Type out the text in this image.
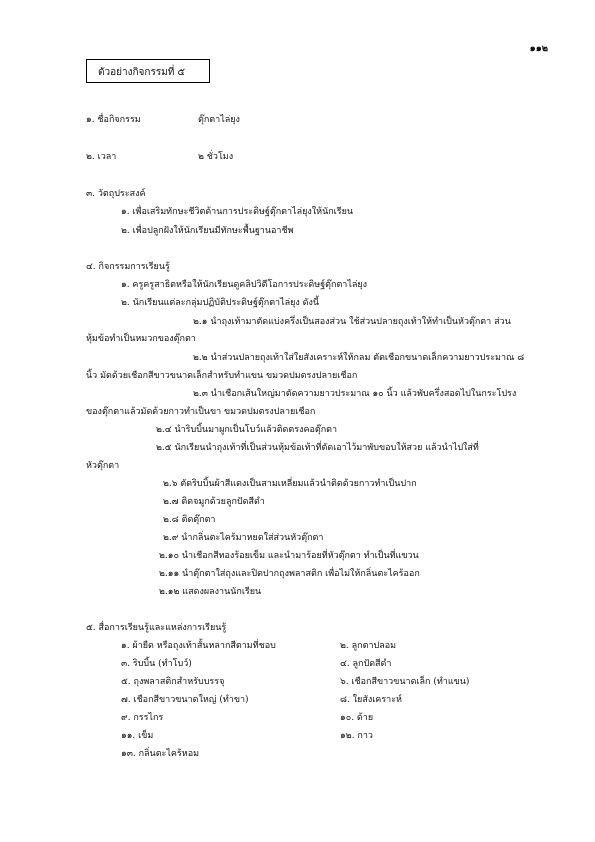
๑๑๒
ตัวอย่างกิจกรรมที่ ๕
๑. ชื่อกิจกรรม	ตุ๊กตาไล่ยุง
๒. เวลา	๒ ชั่วโมง
๓. วัตถุประสงค์
๑. เพื่อเสริมทักษะชีวิตด้านการประดิษฐ์ตุ๊กตาไล่ยุงให้นักเรียน
๒. เพื่อปลูกฝังให้นักเรียนมีทักษะพื้นฐานอาชีพ
๔. กิจกรรมการเรียนรู้
๑. ครูครูสาธิตหรือให้นักเรียนดูคลิปวิดีโอการประดิษฐ์ตุ๊กตาไล่ยุง
๒. นักเรียนแต่ละกลุ่มปฏิบัติประดิษฐ์ตุ๊กตาไล่ยุง ดังนี้
๒.๑ นำถุงเท้ามาตัดแบ่งครึ่งเป็นสองส่วน ใช้ส่วนปลายถุงเท้าให้ทำเป็นหัวตุ๊กตา ส่วน
หุ้มข้อทำเป็นหมวกของตุ๊กตา
๒.๒ นำส่วนปลายถุงเท้าใส่ใยสังเคราะห์ให้กลม ตัดเชือกขนาดเล็กความยาวประมาณ ๘
นิ้ว มัดด้วยเชือกสีขาวขนาดเล็กสำหรับทำแขน ขมวดปมตรงปลายเชือก
๒.๓ นำเชือกเส้นใหญ่มาตัดความยาวประมาณ ๑๐ นิ้ว แล้วพับครึ่งสอดไปในกระโปรง
ของตุ๊กตาแล้วมัดด้วยกาวทำเป็นขา ขมวดปมตรงปลายเชือก
๒.๔ นำริบบิ้นมาผูกเป็นโบว์แล้วติดตรงคอตุ๊กตา
๒.๕ นักเรียนนำถุงเท้าที่เป็นส่วนหุ้มข้อเท้าที่ตัดเอาไว้มาพับขอบให้สวย แล้วนำไปใส่ที่
หัวตุ๊กตา
๒.๖ ตัดริบบิ้นผ้าสีแดงเป็นสามเหลี่ยมแล้วนำติดด้วยกาวทำเป็นปาก
๒.๗ ติดจมูกด้วยลูกปัดสีดำ
๒.๘ ติดตุ๊กตา
๒.๙ นำกลิ่นตะไคร้มาหยดใส่ส่วนหัวตุ๊กตา
๒.๑๐ นำเชือกสีทองร้อยเข็ม และนำมาร้อยที่หัวตุ๊กตา ทำเป็นที่แขวน
๒.๑๑ นำตุ๊กตาใส่ถุงและปิดปากถุงพลาสติก เพื่อไม่ให้กลิ่นตะไคร้ออก
๒.๑๒ แสดงผลงานนักเรียน
๕. สื่อการเรียนรู้และแหล่งการเรียนรู้
๑. ผ้ายืด หรือถุงเท้าสั้นหลากสีตามที่ชอบ
๓. ริบบิ้น (ทำโบว์)
๕. ถุงพลาสติกสำหรับบรรจุ
๗. เชือกสีขาวขนาดใหญ่ (ทำขา)
๙. กรรไกร
๑๑. เข็ม
๑๓. กลิ่นตะไคร้หอม
๒. ลูกตาปลอม
๔. ลูกปัดสีดำ
๖. เชือกสีขาวขนาดเล็ก (ทำแขน)
๘. ใยสังเคราะห์
๑๐. ด้าย
๑๒. กาว
